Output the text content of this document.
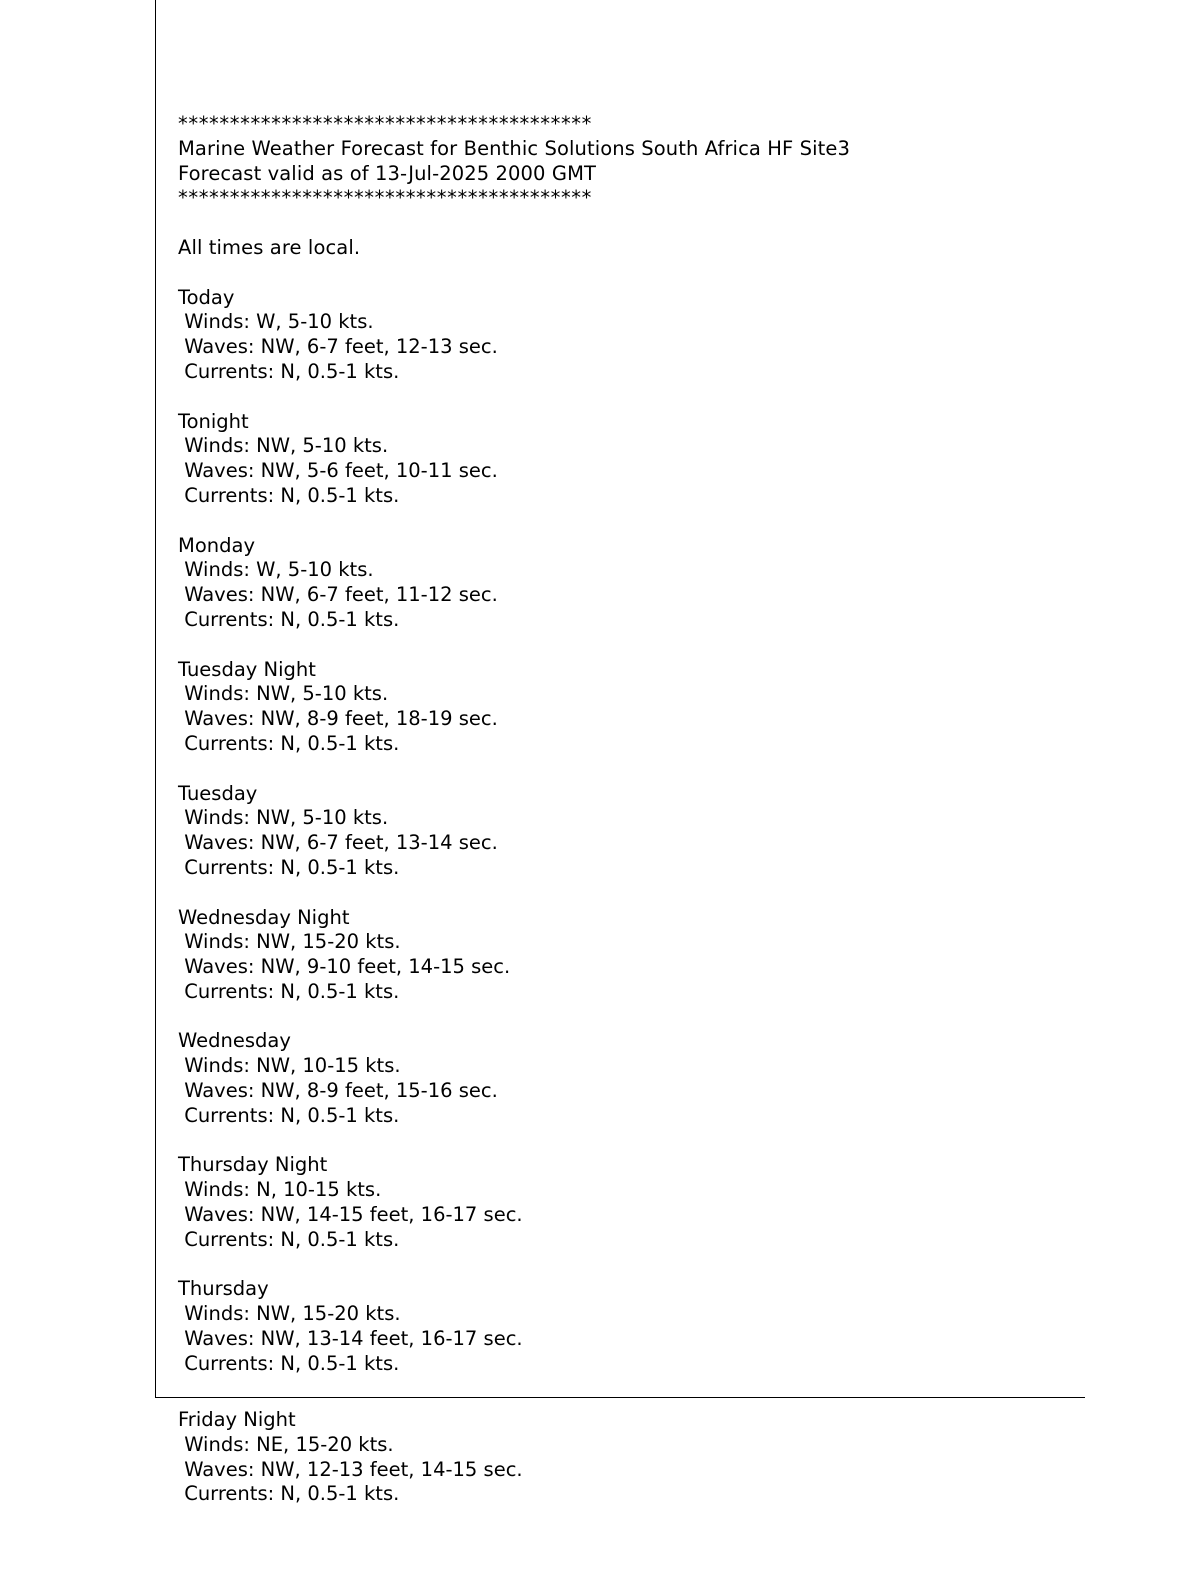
****************************************
Marine Weather Forecast for Benthic Solutions South Africa HF Site3
Forecast valid as of 13-Jul-2025 2000 GMT
****************************************
All times are local.
Today
Winds: W, 5-10 kts.
Waves: NW, 6-7 feet, 12-13 sec.
Currents: N, 0.5-1 kts.
Tonight
Winds: NW, 5-10 kts.
Waves: NW, 5-6 feet, 10-11 sec.
Currents: N, 0.5-1 kts.
Monday
Winds: W, 5-10 kts.
Waves: NW, 6-7 feet, 11-12 sec.
Currents: N, 0.5-1 kts.
Tuesday Night
Winds: NW, 5-10 kts.
Waves: NW, 8-9 feet, 18-19 sec.
Currents: N, 0.5-1 kts.
Tuesday
Winds: NW, 5-10 kts.
Waves: NW, 6-7 feet, 13-14 sec.
Currents: N, 0.5-1 kts.
Wednesday Night
Winds: NW, 15-20 kts.
Waves: NW, 9-10 feet, 14-15 sec.
Currents: N, 0.5-1 kts.
Wednesday
Winds: NW, 10-15 kts.
Waves: NW, 8-9 feet, 15-16 sec.
Currents: N, 0.5-1 kts.
Thursday Night
Winds: N, 10-15 kts.
Waves: NW, 14-15 feet, 16-17 sec.
Currents: N, 0.5-1 kts.
Thursday
Winds: NW, 15-20 kts.
Waves: NW, 13-14 feet, 16-17 sec.
Currents: N, 0.5-1 kts.
Friday Night
Winds: NE, 15-20 kts.
Waves: NW, 12-13 feet, 14-15 sec.
Currents: N, 0.5-1 kts.
